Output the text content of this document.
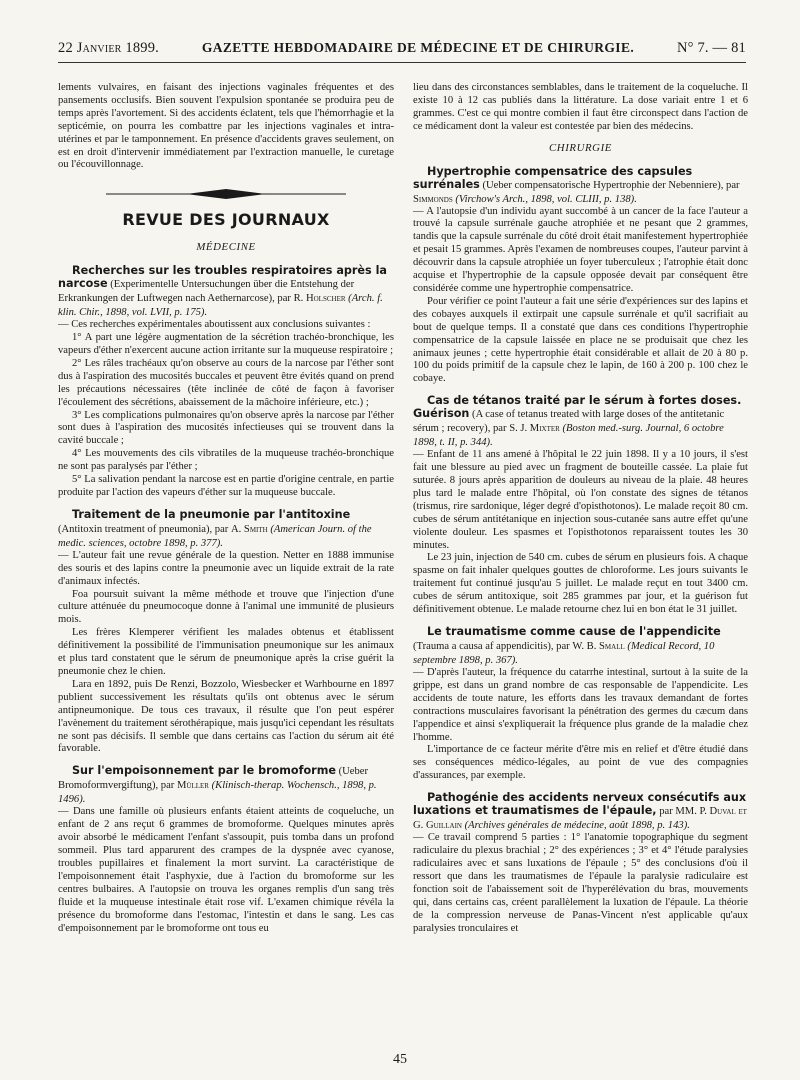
22 Janvier 1899.	GAZETTE HEBDOMADAIRE DE MÉDECINE ET DE CHIRURGIE.	N° 7. — 81

lements vulvaires, en faisant des injections vaginales fréquentes et des pansements occlusifs. Bien souvent l'expulsion spontanée se produira peu de temps après l'avortement. Si des accidents éclatent, tels que l'hémorrhagie et la septicémie, on pourra les combattre par les injections vaginales et intra-utérines et par le tamponnement. En présence d'accidents graves seulement, on est en droit d'intervenir immédiatement par l'extraction manuelle, le curetage ou l'écouvillonnage.

REVUE DES JOURNAUX
MÉDECINE
Recherches sur les troubles respiratoires après la narcose (Experimentelle Untersuchungen über die Entstehung der Erkrankungen der Luftwegen nach Aethernarcose), par R. Holscher (Arch. f. klin. Chir., 1898, vol. LVII, p. 175).

— Ces recherches expérimentales aboutissent aux conclusions suivantes :

1° A part une légère augmentation de la sécrétion trachéo-bronchique, les vapeurs d'éther n'exercent aucune action irritante sur la muqueuse respiratoire ;

2° Les râles trachéaux qu'on observe au cours de la narcose par l'éther sont dus à l'aspiration des mucosités buccales et peuvent être évités quand on prend les précautions nécessaires (tête inclinée de côté de façon à favoriser l'écoulement des sécrétions, abaissement de la mâchoire inférieure, etc.) ;

3° Les complications pulmonaires qu'on observe après la narcose par l'éther sont dues à l'aspiration des mucosités infectieuses qui se trouvent dans la cavité buccale ;

4° Les mouvements des cils vibratiles de la muqueuse trachéo-bronchique ne sont pas paralysés par l'éther ;

5° La salivation pendant la narcose est en partie d'origine centrale, en partie produite par l'action des vapeurs d'éther sur la muqueuse buccale.

Traitement de la pneumonie par l'antitoxine (Antitoxin treatment of pneumonia), par A. Smith (American Journ. of the medic. sciences, octobre 1898, p. 377).

— L'auteur fait une revue générale de la question. Netter en 1888 immunise des souris et des lapins contre la pneumonie avec un liquide extrait de la rate d'animaux infectés.

Foa poursuit suivant la même méthode et trouve que l'injection d'une culture atténuée du pneumocoque donne à l'animal une immunité de plusieurs mois.

Les frères Klemperer vérifient les malades obtenus et établissent définitivement la possibilité de l'immunisation pneumonique sur les animaux et plus tard constatent que le sérum de pneumonique après la crise guérit la pneumonie chez le chien.

Lara en 1892, puis De Renzi, Bozzolo, Wiesbecker et Warhbourne en 1897 publient successivement les résultats qu'ils ont obtenus avec le sérum antipneumonique. De tous ces travaux, il résulte que l'on peut espérer l'avènement du traitement sérothérapique, mais jusqu'ici cependant les résultats ne sont pas décisifs. Il semble que dans certains cas l'action du sérum ait été favorable.

Sur l'empoisonnement par le bromoforme (Ueber Bromoformvergiftung), par Müller (Klinisch-therap. Wochensch., 1898, p. 1496).

— Dans une famille où plusieurs enfants étaient atteints de coqueluche, un enfant de 2 ans reçut 6 grammes de bromoforme. Quelques minutes après avoir absorbé le médicament l'enfant s'assoupit, puis tomba dans un profond sommeil. Plus tard apparurent des crampes de la dyspnée avec cyanose, troubles pupillaires et finalement la mort survint. La caractéristique de l'empoisonnement était l'asphyxie, due à l'action du bromoforme sur les centres bulbaires. A l'autopsie on trouva les organes remplis d'un sang très fluide et la muqueuse intestinale était rose vif. L'examen chimique révéla la présence du bromoforme dans l'estomac, l'intestin et dans le sang. Les cas d'empoisonnement par le bromoforme ont tous eu

lieu dans des circonstances semblables, dans le traitement de la coqueluche. Il existe 10 à 12 cas publiés dans la littérature. La dose variait entre 1 et 6 grammes. C'est ce qui montre combien il faut être circonspect dans l'action de ce médicament dont la valeur est contestée par bien des médecins.

CHIRURGIE
Hypertrophie compensatrice des capsules surrénales (Ueber compensatorische Hypertrophie der Nebenniere), par Simmonds (Virchow's Arch., 1898, vol. CLIII, p. 138).

— A l'autopsie d'un individu ayant succombé à un cancer de la face l'auteur a trouvé la capsule surrénale gauche atrophiée et ne pesant que 2 grammes, tandis que la capsule surrénale du côté droit était manifestement hypertrophiée et pesait 15 grammes. Après l'examen de nombreuses coupes, l'auteur parvint à découvrir dans la capsule atrophiée un foyer tuberculeux ; l'atrophie était donc acquise et l'hypertrophie de la capsule opposée devait par conséquent être considérée comme une hypertrophie compensatrice.

Pour vérifier ce point l'auteur a fait une série d'expériences sur des lapins et des cobayes auxquels il extirpait une capsule surrénale et qu'il sacrifiait au bout de quelque temps. Il a constaté que dans ces conditions l'hypertrophie compensatrice de la capsule laissée en place ne se produisait que chez les animaux jeunes ; cette hypertrophie était considérable et allait de 20 à 80 p. 100 du poids primitif de la capsule chez le lapin, de 160 à 200 p. 100 chez le cobaye.

Cas de tétanos traité par le sérum à fortes doses. Guérison (A case of tetanus treated with large doses of the antitetanic sérum ; recovery), par S. J. Mixter (Boston med.-surg. Journal, 6 octobre 1898, t. II, p. 344).

— Enfant de 11 ans amené à l'hôpital le 22 juin 1898. Il y a 10 jours, il s'est fait une blessure au pied avec un fragment de bouteille cassée. La plaie fut suturée. 8 jours après apparition de douleurs au niveau de la plaie. 48 heures plus tard le malade entre l'hôpital, où l'on constate des signes de tétanos (trismus, rire sardonique, léger degré d'opisthotonos). Le malade reçoit 80 cm. cubes de sérum antitétanique en injection sous-cutanée sans autre effet qu'une violente douleur. Les spasmes et l'opisthotonos reparaissent toutes les 30 minutes.

Le 23 juin, injection de 540 cm. cubes de sérum en plusieurs fois. A chaque spasme on fait inhaler quelques gouttes de chloroforme. Les jours suivants le traitement fut continué jusqu'au 5 juillet. Le malade reçut en tout 3400 cm. cubes de sérum antitoxique, soit 285 grammes par jour, et la guérison fut définitivement obtenue. Le malade retourne chez lui en bon état le 31 juillet.

Le traumatisme comme cause de l'appendicite (Trauma a causa af appendicitis), par W. B. Small (Medical Record, 10 septembre 1898, p. 367).

— D'après l'auteur, la fréquence du catarrhe intestinal, surtout à la suite de la grippe, est dans un grand nombre de cas responsable de l'appendicite. Les accidents de toute nature, les efforts dans les travaux demandant de fortes contractions musculaires favorisant la pénétration des germes du cæcum dans l'appendice et ainsi s'expliquerait la fréquence plus grande de la maladie chez l'homme.

L'importance de ce facteur mérite d'être mis en relief et d'être étudié dans ses conséquences médico-légales, au point de vue des compagnies d'assurances, par exemple.

Pathogénie des accidents nerveux consécutifs aux luxations et traumatismes de l'épaule, par MM. P. Duval et G. Guillain (Archives générales de médecine, août 1898, p. 143).

— Ce travail comprend 5 parties : 1° l'anatomie topographique du segment radiculaire du plexus brachial ; 2° des expériences ; 3° et 4° l'étude paralysies radiculaires avec et sans luxations de l'épaule ; 5° des conclusions d'où il ressort que dans les traumatismes de l'épaule la paralysie radiculaire est fonction soit de l'abaissement soit de l'hyperélévation du bras, mouvements qui, dans certains cas, créent parallèlement la luxation de l'épaule. La théorie de la compression nerveuse de Panas-Vincent n'est applicable qu'aux paralysies tronculaires et

45
